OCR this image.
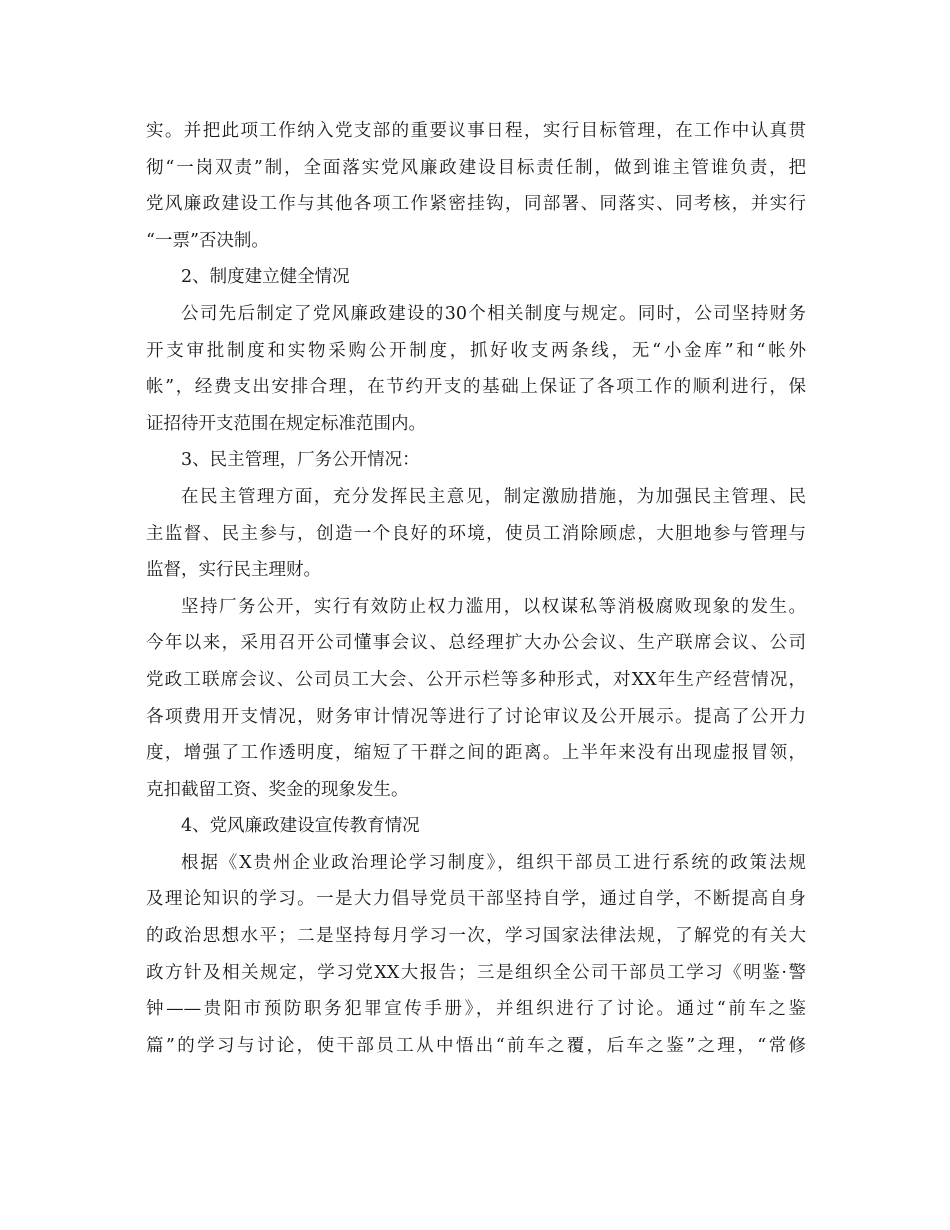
实。并把此项工作纳入党支部的重要议事日程，实行目标管理，在工作中认真贯
彻“一岗双责”制，全面落实党风廉政建设目标责任制，做到谁主管谁负责，把
党风廉政建设工作与其他各项工作紧密挂钩，同部署、同落实、同考核，并实行
“一票”否决制。
2、制度建立健全情况
公司先后制定了党风廉政建设的30个相关制度与规定。同时，公司坚持财务
开支审批制度和实物采购公开制度，抓好收支两条线，无“小金库”和“帐外
帐”，经费支出安排合理，在节约开支的基础上保证了各项工作的顺利进行，保
证招待开支范围在规定标准范围内。
3、民主管理，厂务公开情况：
在民主管理方面，充分发挥民主意见，制定激励措施，为加强民主管理、民
主监督、民主参与，创造一个良好的环境，使员工消除顾虑，大胆地参与管理与
监督，实行民主理财。
坚持厂务公开，实行有效防止权力滥用，以权谋私等消极腐败现象的发生。
今年以来，采用召开公司懂事会议、总经理扩大办公会议、生产联席会议、公司
党政工联席会议、公司员工大会、公开示栏等多种形式，对XX年生产经营情况，
各项费用开支情况，财务审计情况等进行了讨论审议及公开展示。提高了公开力
度，增强了工作透明度，缩短了干群之间的距离。上半年来没有出现虚报冒领，
克扣截留工资、奖金的现象发生。
4、党风廉政建设宣传教育情况
根据《X贵州企业政治理论学习制度》，组织干部员工进行系统的政策法规
及理论知识的学习。一是大力倡导党员干部坚持自学，通过自学，不断提高自身
的政治思想水平；二是坚持每月学习一次，学习国家法律法规，了解党的有关大
政方针及相关规定，学习党XX大报告；三是组织全公司干部员工学习《明鉴·警
钟——贵阳市预防职务犯罪宣传手册》，并组织进行了讨论。通过“前车之鉴
篇”的学习与讨论，使干部员工从中悟出“前车之覆，后车之鉴”之理，“常修
